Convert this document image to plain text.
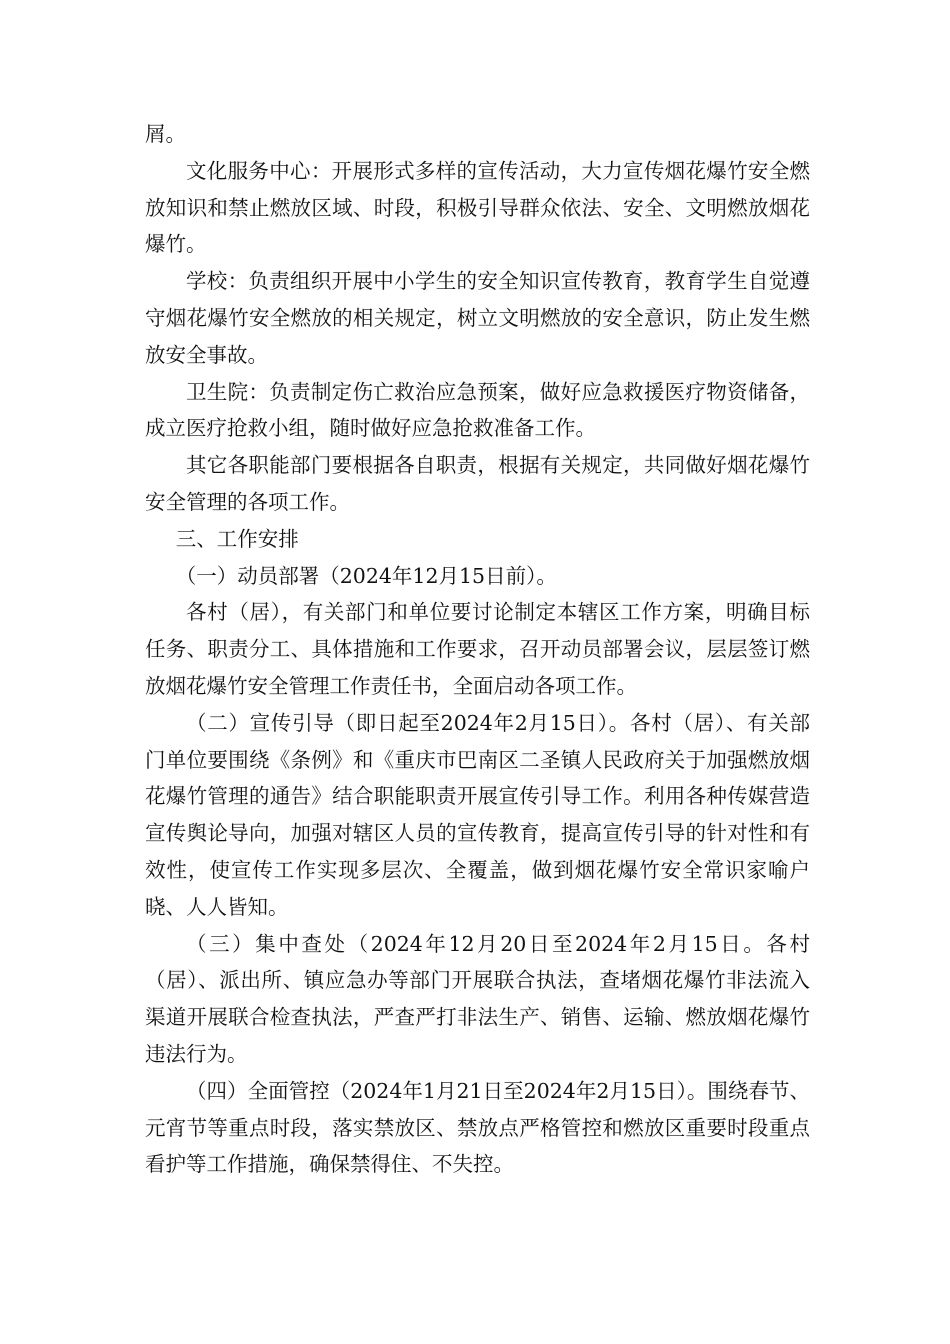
屑。

文化服务中心：开展形式多样的宣传活动，大力宣传烟花爆竹安全燃放知识和禁止燃放区域、时段，积极引导群众依法、安全、文明燃放烟花爆竹。

学校：负责组织开展中小学生的安全知识宣传教育，教育学生自觉遵守烟花爆竹安全燃放的相关规定，树立文明燃放的安全意识，防止发生燃放安全事故。

卫生院：负责制定伤亡救治应急预案，做好应急救援医疗物资储备，成立医疗抢救小组，随时做好应急抢救准备工作。

其它各职能部门要根据各自职责，根据有关规定，共同做好烟花爆竹安全管理的各项工作。

三、工作安排

（一）动员部署（2024年12月15日前）。

各村（居），有关部门和单位要讨论制定本辖区工作方案，明确目标任务、职责分工、具体措施和工作要求，召开动员部署会议，层层签订燃放烟花爆竹安全管理工作责任书，全面启动各项工作。

（二）宣传引导（即日起至2024年2月15日）。各村（居）、有关部门单位要围绕《条例》和《重庆市巴南区二圣镇人民政府关于加强燃放烟花爆竹管理的通告》结合职能职责开展宣传引导工作。利用各种传媒营造宣传舆论导向，加强对辖区人员的宣传教育，提高宣传引导的针对性和有效性，使宣传工作实现多层次、全覆盖，做到烟花爆竹安全常识家喻户晓、人人皆知。

（三）集中查处（2024年12月20日至2024年2月15日。各村（居）、派出所、镇应急办等部门开展联合执法，查堵烟花爆竹非法流入渠道开展联合检查执法，严查严打非法生产、销售、运输、燃放烟花爆竹违法行为。

（四）全面管控（2024年1月21日至2024年2月15日）。围绕春节、元宵节等重点时段，落实禁放区、禁放点严格管控和燃放区重要时段重点看护等工作措施，确保禁得住、不失控。
